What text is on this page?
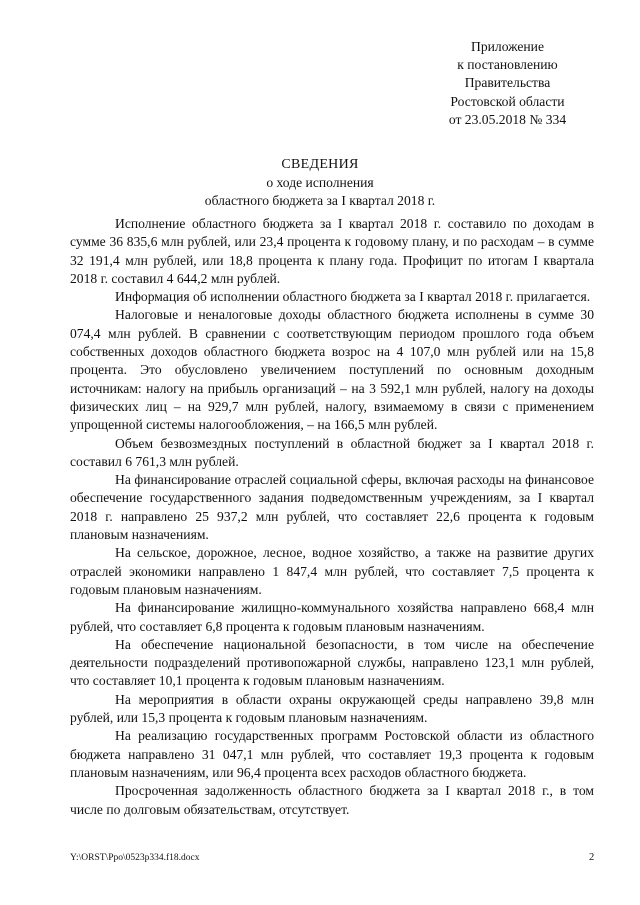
Приложение
к постановлению
Правительства
Ростовской области
от 23.05.2018 № 334
СВЕДЕНИЯ
о ходе исполнения
областного бюджета за I квартал 2018 г.

Исполнение областного бюджета за I квартал 2018 г. составило по доходам в сумме 36 835,6 млн рублей, или 23,4 процента к годовому плану, и по расходам – в сумме 32 191,4 млн рублей, или 18,8 процента к плану года. Профицит по итогам I квартала 2018 г. составил 4 644,2 млн рублей.

Информация об исполнении областного бюджета за I квартал 2018 г. прилагается.

Налоговые и неналоговые доходы областного бюджета исполнены в сумме 30 074,4 млн рублей. В сравнении с соответствующим периодом прошлого года объем собственных доходов областного бюджета возрос на 4 107,0 млн рублей или на 15,8 процента. Это обусловлено увеличением поступлений по основным доходным источникам: налогу на прибыль организаций – на 3 592,1 млн рублей, налогу на доходы физических лиц – на 929,7 млн рублей, налогу, взимаемому в связи с применением упрощенной системы налогообложения, – на 166,5 млн рублей.

Объем безвозмездных поступлений в областной бюджет за I квартал 2018 г. составил 6 761,3 млн рублей.

На финансирование отраслей социальной сферы, включая расходы на финансовое обеспечение государственного задания подведомственным учреждениям, за I квартал 2018 г. направлено 25 937,2 млн рублей, что составляет 22,6 процента к годовым плановым назначениям.

На сельское, дорожное, лесное, водное хозяйство, а также на развитие других отраслей экономики направлено 1 847,4 млн рублей, что составляет 7,5 процента к годовым плановым назначениям.

На финансирование жилищно-коммунального хозяйства направлено 668,4 млн рублей, что составляет 6,8 процента к годовым плановым назначениям.

На обеспечение национальной безопасности, в том числе на обеспечение деятельности подразделений противопожарной службы, направлено 123,1 млн рублей, что составляет 10,1 процента к годовым плановым назначениям.

На мероприятия в области охраны окружающей среды направлено 39,8 млн рублей, или 15,3 процента к годовым плановым назначениям.

На реализацию государственных программ Ростовской области из областного бюджета направлено 31 047,1 млн рублей, что составляет 19,3 процента к годовым плановым назначениям, или 96,4 процента всех расходов областного бюджета.

Просроченная задолженность областного бюджета за I квартал 2018 г., в том числе по долговым обязательствам, отсутствует.

Y:\ORST\Ppo\0523p334.f18.docx	2
